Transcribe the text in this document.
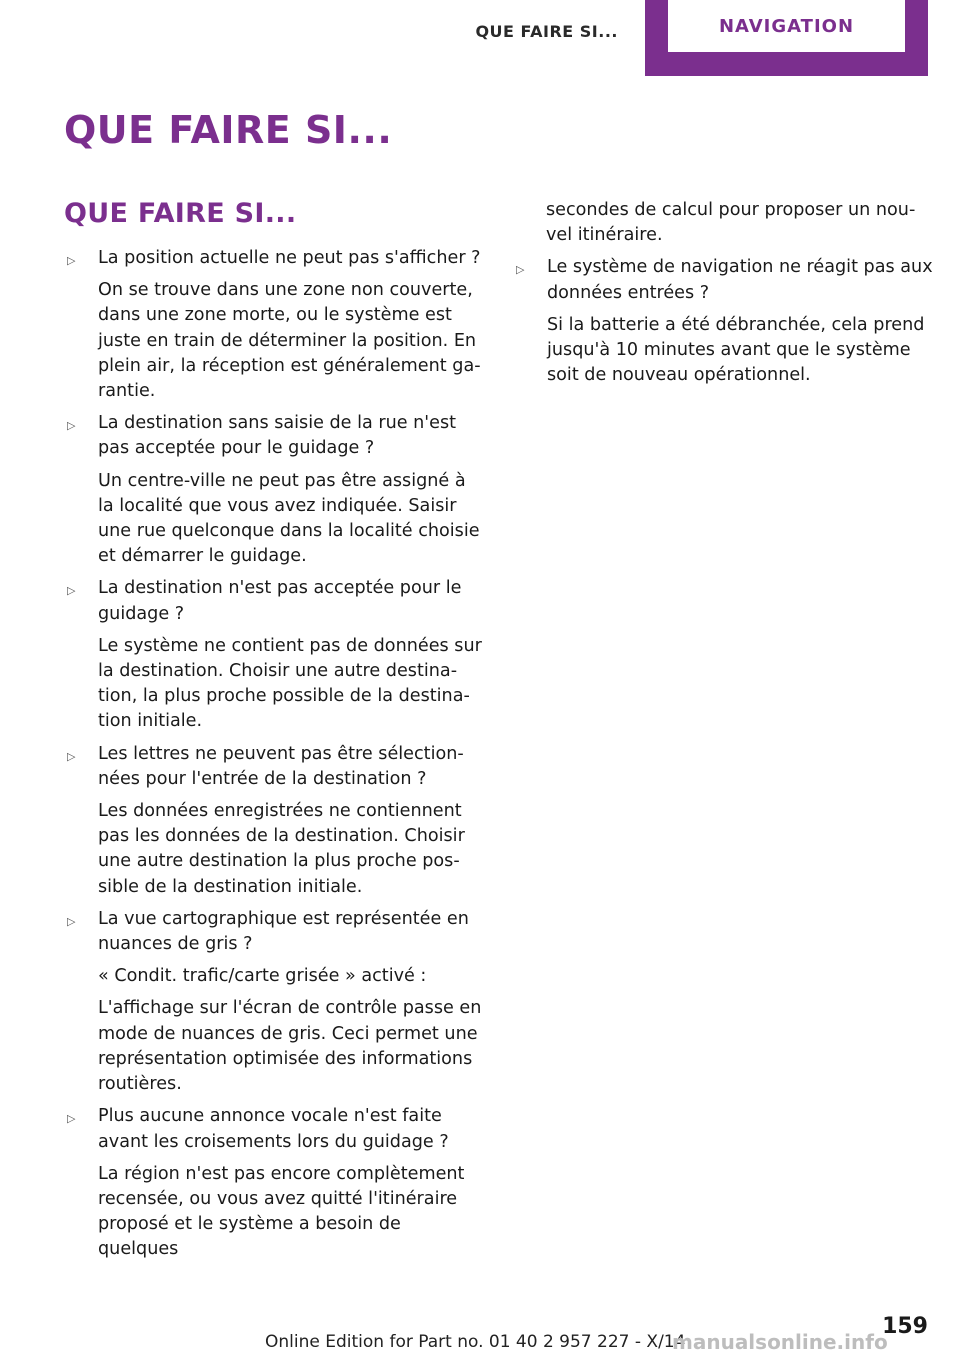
QUE FAIRE SI...	NAVIGATION
QUE FAIRE SI...
QUE FAIRE SI...
▷ La position actuelle ne peut pas s'afficher ?

On se trouve dans une zone non couverte, dans une zone morte, ou le système est juste en train de déterminer la position. En plein air, la réception est généralement garantie.

▷ La destination sans saisie de la rue n'est pas acceptée pour le guidage ?

Un centre-ville ne peut pas être assigné à la localité que vous avez indiquée. Saisir une rue quelconque dans la localité choisie et démarrer le guidage.

▷ La destination n'est pas acceptée pour le guidage ?

Le système ne contient pas de données sur la destination. Choisir une autre destination, la plus proche possible de la destination initiale.

▷ Les lettres ne peuvent pas être sélectionnées pour l'entrée de la destination ?

Les données enregistrées ne contiennent pas les données de la destination. Choisir une autre destination la plus proche possible de la destination initiale.

▷ La vue cartographique est représentée en nuances de gris ?

« Condit. trafic/carte grisée » activé :

L'affichage sur l'écran de contrôle passe en mode de nuances de gris. Ceci permet une représentation optimisée des informations routières.

▷ Plus aucune annonce vocale n'est faite avant les croisements lors du guidage ?

La région n'est pas encore complètement recensée, ou vous avez quitté l'itinéraire proposé et le système a besoin de quelques

secondes de calcul pour proposer un nouvel itinéraire.

▷ Le système de navigation ne réagit pas aux données entrées ?

Si la batterie a été débranchée, cela prend jusqu'à 10 minutes avant que le système soit de nouveau opérationnel.

159
Online Edition for Part no. 01 40 2 957 227 - X/14
manualsonline.info
